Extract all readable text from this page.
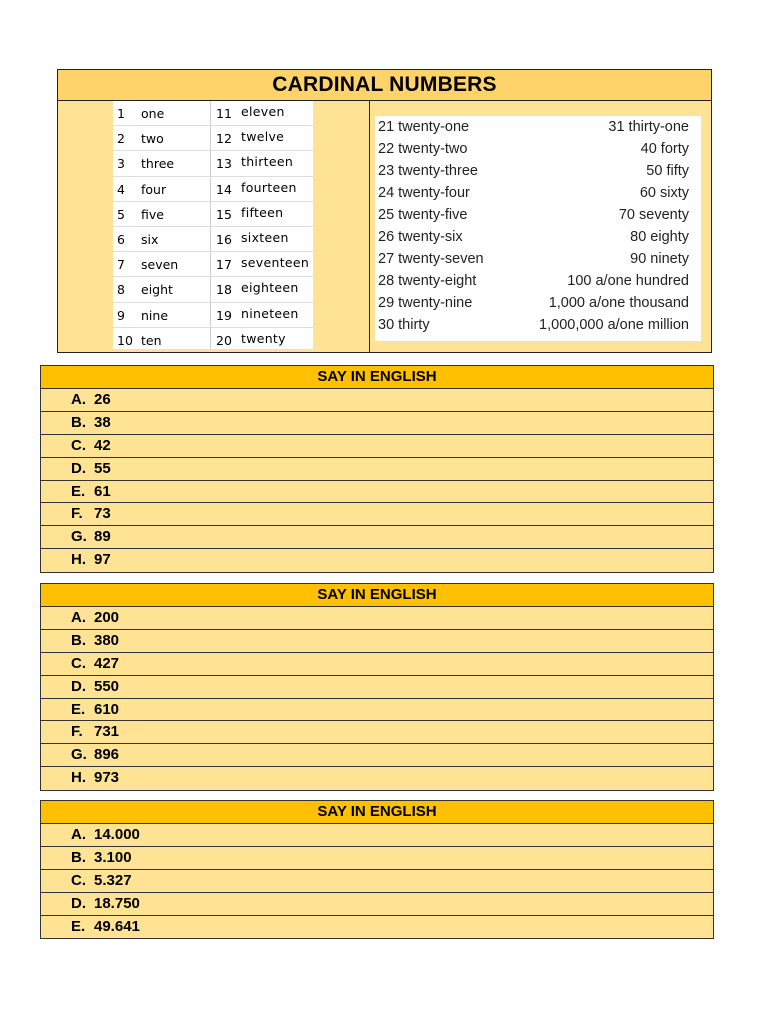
CARDINAL NUMBERS
1 one	11 eleven
2 two	12 twelve
3 three	13 thirteen
4 four	14 fourteen
5 five	15 fifteen
6 six	16 sixteen
7 seven	17 seventeen
8 eight	18 eighteen
9 nine	19 nineteen
10 ten	20 twenty
21 twenty-one	31 thirty-one
22 twenty-two	40 forty
23 twenty-three	50 fifty
24 twenty-four	60 sixty
25 twenty-five	70 seventy
26 twenty-six	80 eighty
27 twenty-seven	90 ninety
28 twenty-eight	100 a/one hundred
29 twenty-nine	1,000 a/one thousand
30 thirty	1,000,000 a/one million
SAY IN ENGLISH
A. 26
B. 38
C. 42
D. 55
E. 61
F. 73
G. 89
H. 97
SAY IN ENGLISH
A. 200
B. 380
C. 427
D. 550
E. 610
F. 731
G. 896
H. 973
SAY IN ENGLISH
A. 14.000
B. 3.100
C. 5.327
D. 18.750
E. 49.641
